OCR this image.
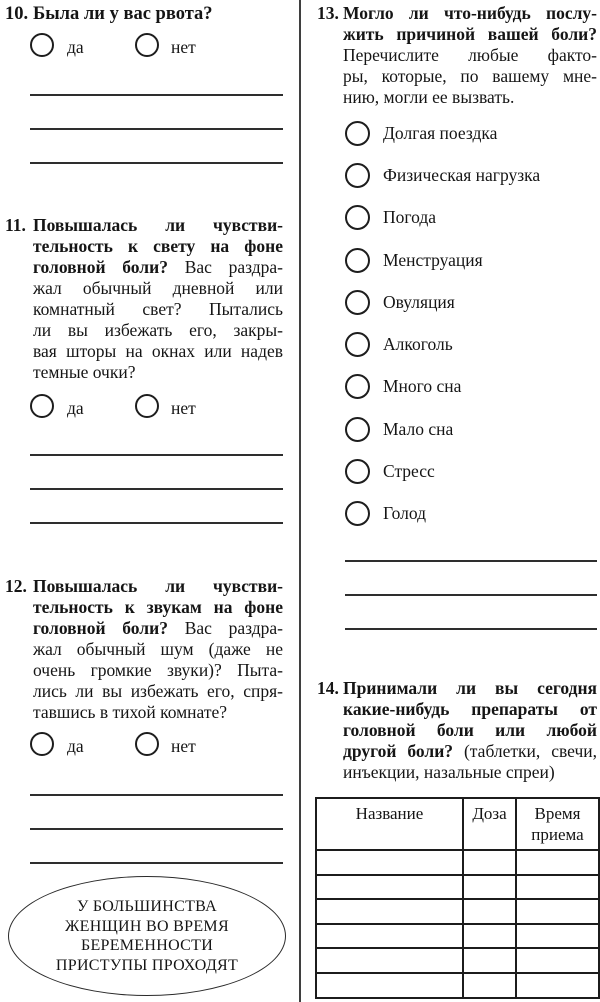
10. Была ли у вас рвота?
да	нет
11. Повышалась ли чувстви-
тельность к свету на фоне
головной боли? Вас раздра-
жал обычный дневной или
комнатный свет? Пытались
ли вы избежать его, закры-
вая шторы на окнах или надев
темные очки?
да	нет
12. Повышалась ли чувстви-
тельность к звукам на фоне
головной боли? Вас раздра-
жал обычный шум (даже не
очень громкие звуки)? Пыта-
лись ли вы избежать его, спря-
тавшись в тихой комнате?
да	нет
У БОЛЬШИНСТВА
ЖЕНЩИН ВО ВРЕМЯ
БЕРЕМЕННОСТИ
ПРИСТУПЫ ПРОХОДЯТ
13. Могло ли что-нибудь послу-
жить причиной вашей боли?
Перечислите любые факто-
ры, которые, по вашему мне-
нию, могли ее вызвать.
Долгая поездка
Физическая нагрузка
Погода
Менструация
Овуляция
Алкоголь
Много сна
Мало сна
Стресс
Голод
14. Принимали ли вы сегодня
какие-нибудь препараты от
головной боли или любой
другой боли? (таблетки, свечи,
инъекции, назальные спреи)
Название	Доза	Время приема
